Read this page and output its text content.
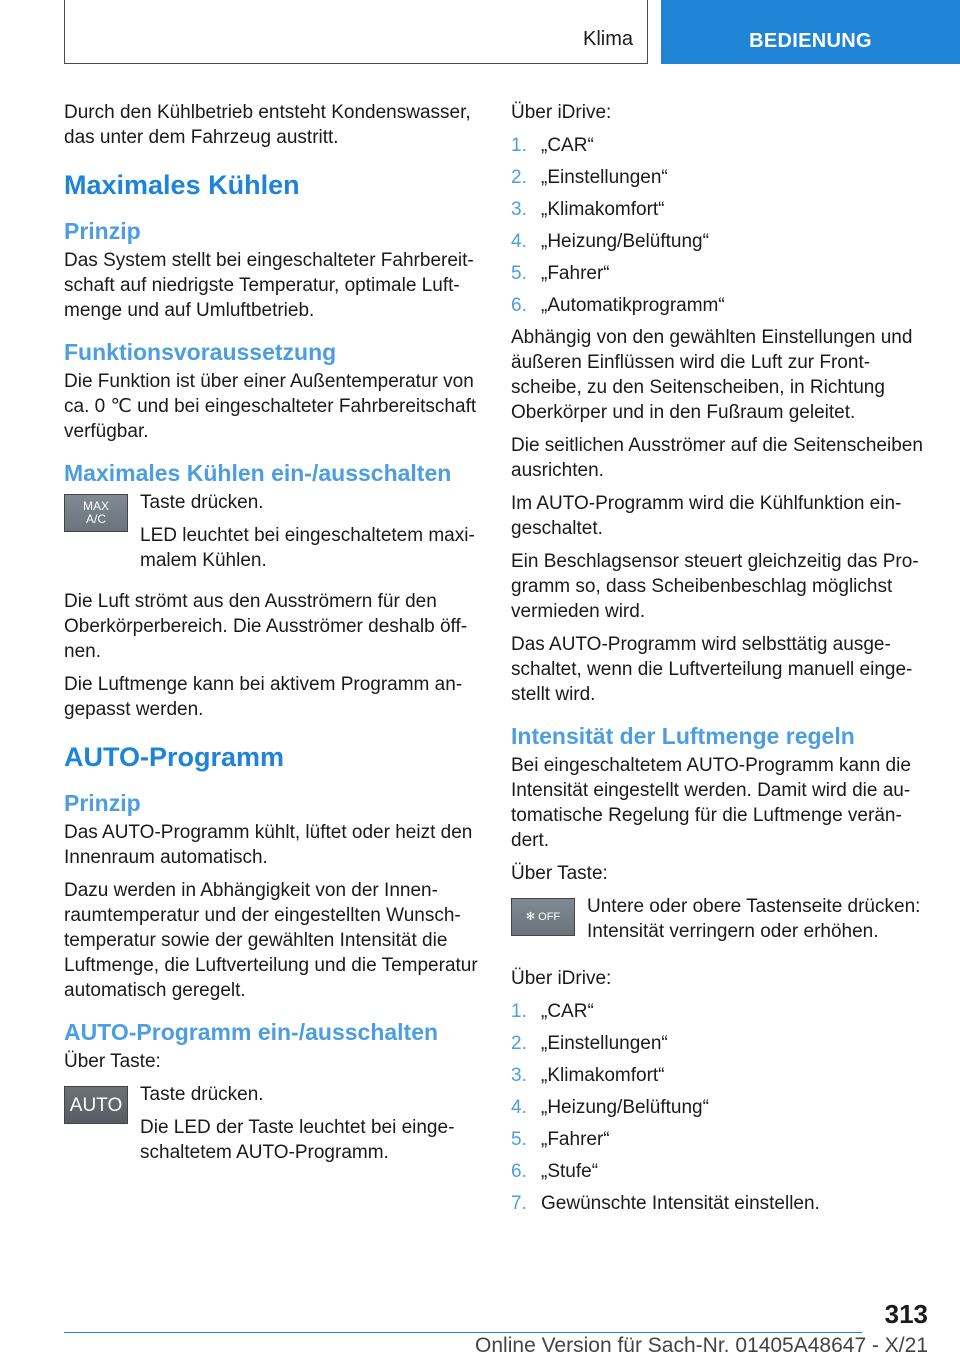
Klima	BEDIENUNG

Durch den Kühlbetrieb entsteht Kondenswasser, das unter dem Fahrzeug austritt.

Maximales Kühlen
Prinzip

Das System stellt bei eingeschalteter Fahrbereitschaft auf niedrigste Temperatur, optimale Luftmenge und auf Umluftbetrieb.

Funktionsvoraussetzung

Die Funktion ist über einer Außentemperatur von ca. 0 ℃ und bei eingeschalteter Fahrbereitschaft verfügbar.

Maximales Kühlen ein-/ausschalten
MAX
A/C

Taste drücken.

LED leuchtet bei eingeschaltetem maximalem Kühlen.

Die Luft strömt aus den Ausströmern für den Oberkörperbereich. Die Ausströmer deshalb öffnen.

Die Luftmenge kann bei aktivem Programm angepasst werden.

AUTO-Programm
Prinzip

Das AUTO-Programm kühlt, lüftet oder heizt den Innenraum automatisch.

Dazu werden in Abhängigkeit von der Innenraumtemperatur und der eingestellten Wunschtemperatur sowie der gewählten Intensität die Luftmenge, die Luftverteilung und die Temperatur automatisch geregelt.

AUTO-Programm ein-/ausschalten

Über Taste:

AUTO Taste drücken.

Die LED der Taste leuchtet bei eingeschaltetem AUTO-Programm.

Über iDrive:

1. „CAR“
2. „Einstellungen“
3. „Klimakomfort“
4. „Heizung/Belüftung“
5. „Fahrer“
6. „Automatikprogramm“

Abhängig von den gewählten Einstellungen und äußeren Einflüssen wird die Luft zur Frontscheibe, zu den Seitenscheiben, in Richtung Oberkörper und in den Fußraum geleitet.

Die seitlichen Ausströmer auf die Seitenscheiben ausrichten.

Im AUTO-Programm wird die Kühlfunktion eingeschaltet.

Ein Beschlagsensor steuert gleichzeitig das Programm so, dass Scheibenbeschlag möglichst vermieden wird.

Das AUTO-Programm wird selbsttätig ausgeschaltet, wenn die Luftverteilung manuell eingestellt wird.

Intensität der Luftmenge regeln

Bei eingeschaltetem AUTO-Programm kann die Intensität eingestellt werden. Damit wird die automatische Regelung für die Luftmenge verändert.

Über Taste:

✻ OFF Untere oder obere Tastenseite drücken: Intensität verringern oder erhöhen.

Über iDrive:

1. „CAR“
2. „Einstellungen“
3. „Klimakomfort“
4. „Heizung/Belüftung“
5. „Fahrer“
6. „Stufe“
7. Gewünschte Intensität einstellen.
313
Online Version für Sach-Nr. 01405A48647 - X/21
